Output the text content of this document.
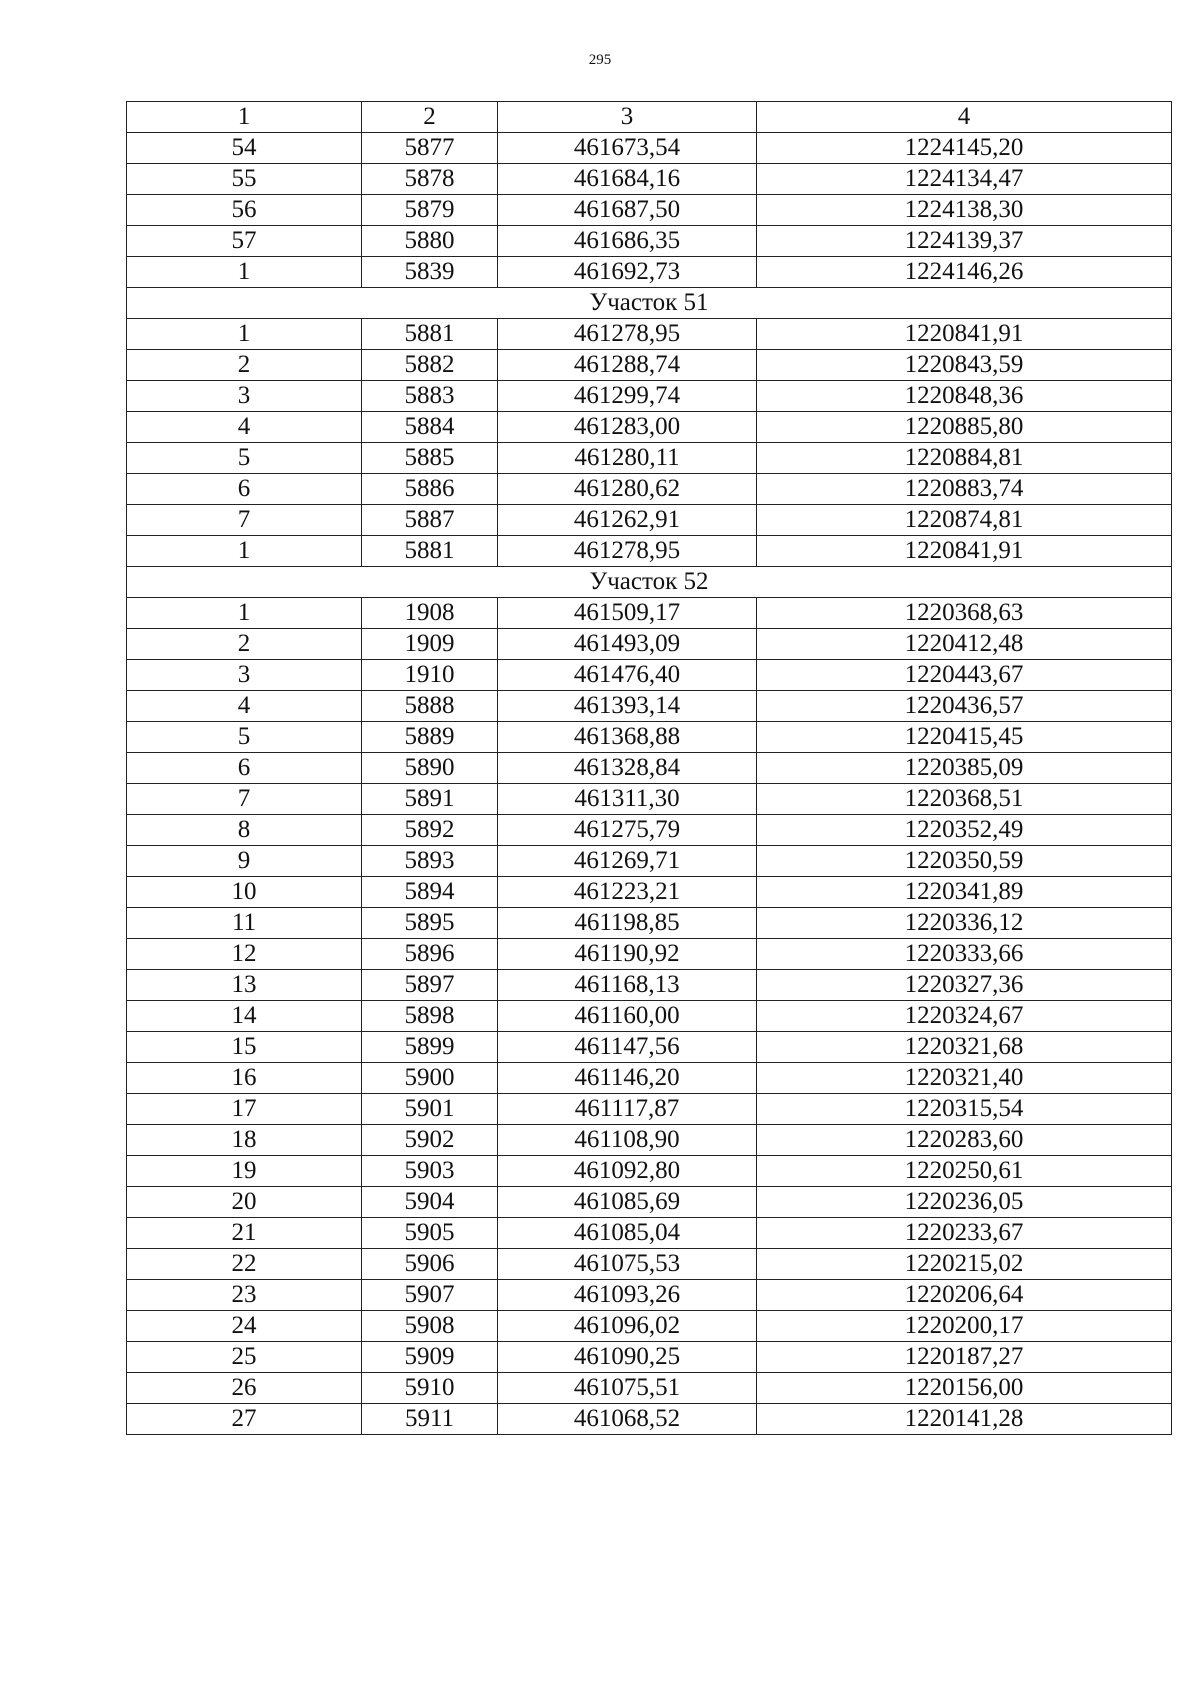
295
1	2	3	4
54	5877	461673,54	1224145,20
55	5878	461684,16	1224134,47
56	5879	461687,50	1224138,30
57	5880	461686,35	1224139,37
1	5839	461692,73	1224146,26
Участок 51			
1	5881	461278,95	1220841,91
2	5882	461288,74	1220843,59
3	5883	461299,74	1220848,36
4	5884	461283,00	1220885,80
5	5885	461280,11	1220884,81
6	5886	461280,62	1220883,74
7	5887	461262,91	1220874,81
1	5881	461278,95	1220841,91
Участок 52			
1	1908	461509,17	1220368,63
2	1909	461493,09	1220412,48
3	1910	461476,40	1220443,67
4	5888	461393,14	1220436,57
5	5889	461368,88	1220415,45
6	5890	461328,84	1220385,09
7	5891	461311,30	1220368,51
8	5892	461275,79	1220352,49
9	5893	461269,71	1220350,59
10	5894	461223,21	1220341,89
11	5895	461198,85	1220336,12
12	5896	461190,92	1220333,66
13	5897	461168,13	1220327,36
14	5898	461160,00	1220324,67
15	5899	461147,56	1220321,68
16	5900	461146,20	1220321,40
17	5901	461117,87	1220315,54
18	5902	461108,90	1220283,60
19	5903	461092,80	1220250,61
20	5904	461085,69	1220236,05
21	5905	461085,04	1220233,67
22	5906	461075,53	1220215,02
23	5907	461093,26	1220206,64
24	5908	461096,02	1220200,17
25	5909	461090,25	1220187,27
26	5910	461075,51	1220156,00
27	5911	461068,52	1220141,28
